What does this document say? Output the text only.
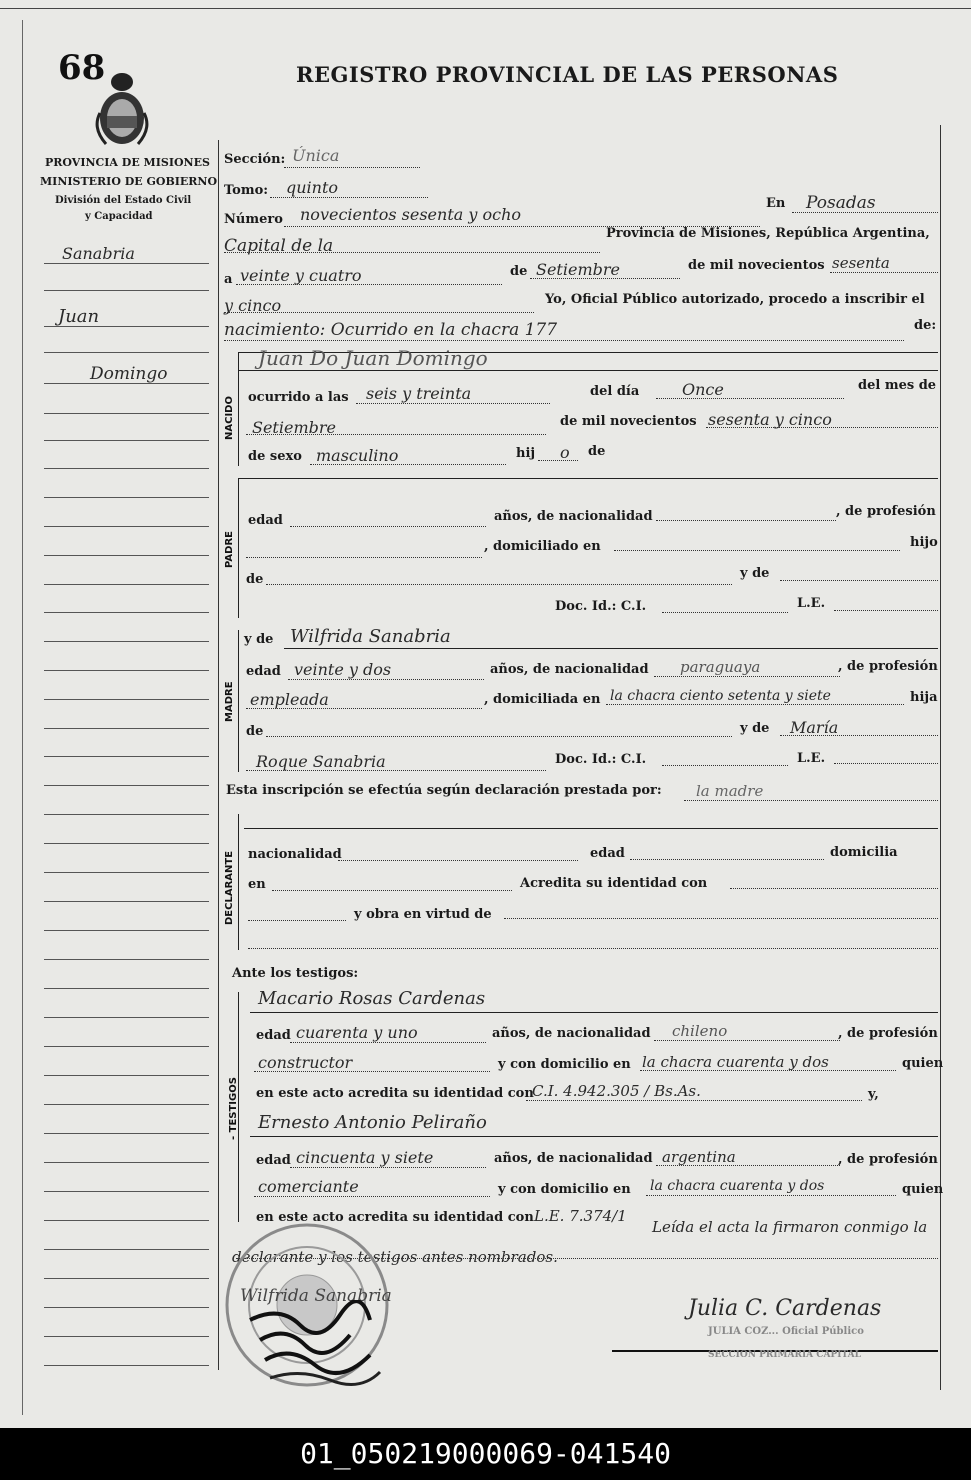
68	REGISTRO PROVINCIAL DE LAS PERSONAS
PROVINCIA DE MISIONES
MINISTERIO DE GOBIERNO
División del Estado Civil
y Capacidad
Sanabria
Juan
Domingo
Sección: Única
Tomo: quinto
Número novecientos sesenta y ocho
En Posadas
Capital de la
Provincia de Misiones, República Argentina,
a veinte y cuatro	de Setiembre	de mil novecientos sesenta
y cinco	Yo, Oficial Público autorizado, procedo a inscribir el
nacimiento: Ocurrido en la chacra 177	de:
NACIDO
Juan Do Juan Domingo
ocurrido a las seis y treinta	del día	Once	del mes de
Setiembre	de mil novecientos sesenta y cinco
de sexo masculino	hij o de
PADRE
edad	años, de nacionalidad	, de profesión
, domiciliado en	hijo
de	y de
Doc. Id.: C.I.	L.E.
MADRE
y de Wilfrida Sanabria
edad veinte y dos	años, de nacionalidad paraguaya	, de profesión
empleada	, domiciliada en la chacra ciento setenta y siete	hija
de	y de María
Roque Sanabria	Doc. Id.: C.I.	L.E.
Esta inscripción se efectúa según declaración prestada por: la madre
DECLARANTE nacionalidad	edad	domicilia
en	Acredita su identidad con
y obra en virtud de
Ante los testigos:
- TESTIGOS
Macario Rosas Cardenas
edad cuarenta y uno	años, de nacionalidad chileno	, de profesión
constructor	y con domicilio en la chacra cuarenta y dos	quien
en este acto acredita su identidad con
C.I. 4.942.305 / Bs.As.	y,
Ernesto Antonio Peliraño
edad cincuenta y siete	años, de nacionalidad argentina	, de profesión
comerciante	y con domicilio en la chacra cuarenta y dos	quien
en este acto acredita su identidad con L.E. 7.374/1
Leída el acta la firmaron conmigo la declarante y los testigos antes nombrados.
Wilfrida Sanabria	Julia C. Cardenas
JULIA COZ... Oficial Público
SECCION PRIMARIA CAPITAL
01_050219000069-041540
